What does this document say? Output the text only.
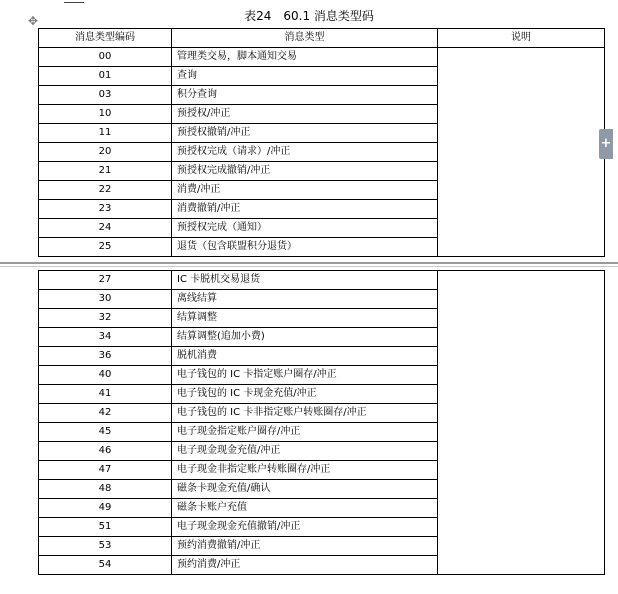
✥	表24　60.1 消息类型码
消息类型编码	消息类型	说明
00	管理类交易，脚本通知交易	
01	查询	
03	积分查询	
10	预授权/冲正	
11	预授权撤销/冲正	
20	预授权完成（请求）/冲正	
21	预授权完成撤销/冲正	
22	消费/冲正	
23	消费撤销/冲正	
24	预授权完成（通知）	
25	退货（包含联盟积分退货）	
27	IC 卡脱机交易退货	
30	离线结算	
32	结算调整	
34	结算调整(追加小费)	
36	脱机消费	
40	电子钱包的 IC 卡指定账户圈存/冲正	
41	电子钱包的 IC 卡现金充值/冲正	
42	电子钱包的 IC 卡非指定账户转账圈存/冲正	
45	电子现金指定账户圈存/冲正	
46	电子现金现金充值/冲正	
47	电子现金非指定账户转账圈存/冲正	
48	磁条卡现金充值/确认	
49	磁条卡账户充值	
51	电子现金现金充值撤销/冲正	
53	预约消费撤销/冲正	
54	预约消费/冲正	
+
